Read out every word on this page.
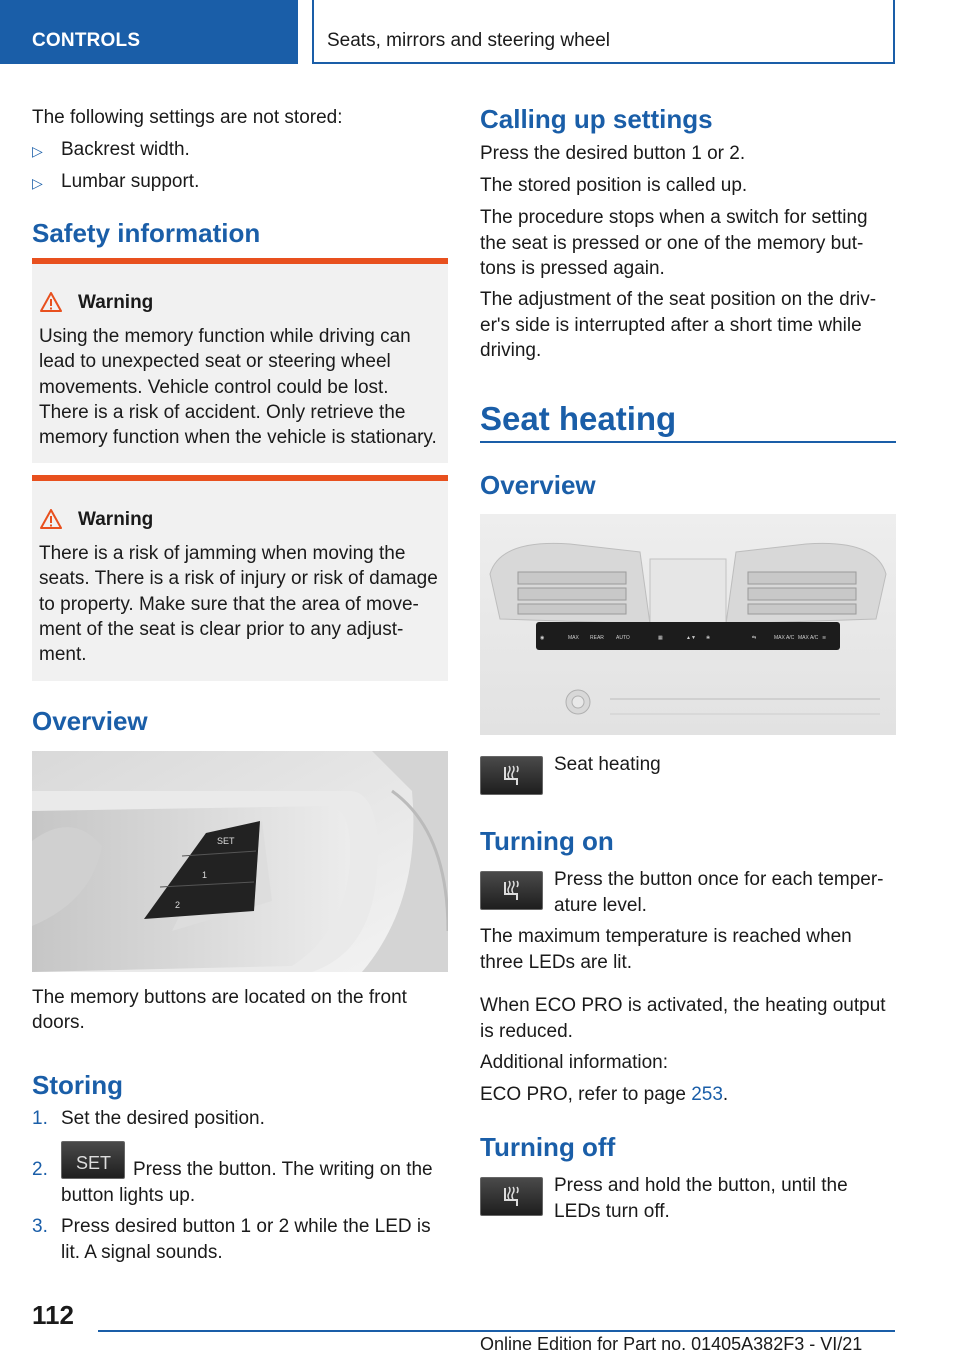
CONTROLS	Seats, mirrors and steering wheel

The following settings are not stored:

▷ Backrest width.
▷ Lumbar support.
Safety information
Warning
Using the memory function while driving can
lead to unexpected seat or steering wheel
movements. Vehicle control could be lost.
There is a risk of accident. Only retrieve the
memory function when the vehicle is stationary.
Warning
There is a risk of jamming when moving the
seats. There is a risk of injury or risk of damage
to property. Make sure that the area of move-
ment of the seat is clear prior to any adjust-
ment.
Overview
SET
1
2
The memory buttons are located on the front
doors.
Storing
1. Set the desired position.
2. SET Press the button. The writing on the
button lights up.
3. Press desired button 1 or 2 while the LED is
lit. A signal sounds.
Calling up settings

Press the desired button 1 or 2.

The stored position is called up.

The procedure stops when a switch for setting
the seat is pressed or one of the memory but-
tons is pressed again.
The adjustment of the seat position on the driv-
er's side is interrupted after a short time while
driving.
Seat heating
Overview
◉	MAX REAR AUTO	▦	▲▼ ❀	⇆	MAX A/C MAX A/C ≋

Seat heating

Turning on
Press the button once for each temper-
ature level.
The maximum temperature is reached when
three LEDs are lit.
When ECO PRO is activated, the heating output
is reduced.

Additional information:

ECO PRO, refer to page 253.

Turning off
Press and hold the button, until the
LEDs turn off.
112
Online Edition for Part no. 01405A382F3 - VI/21
